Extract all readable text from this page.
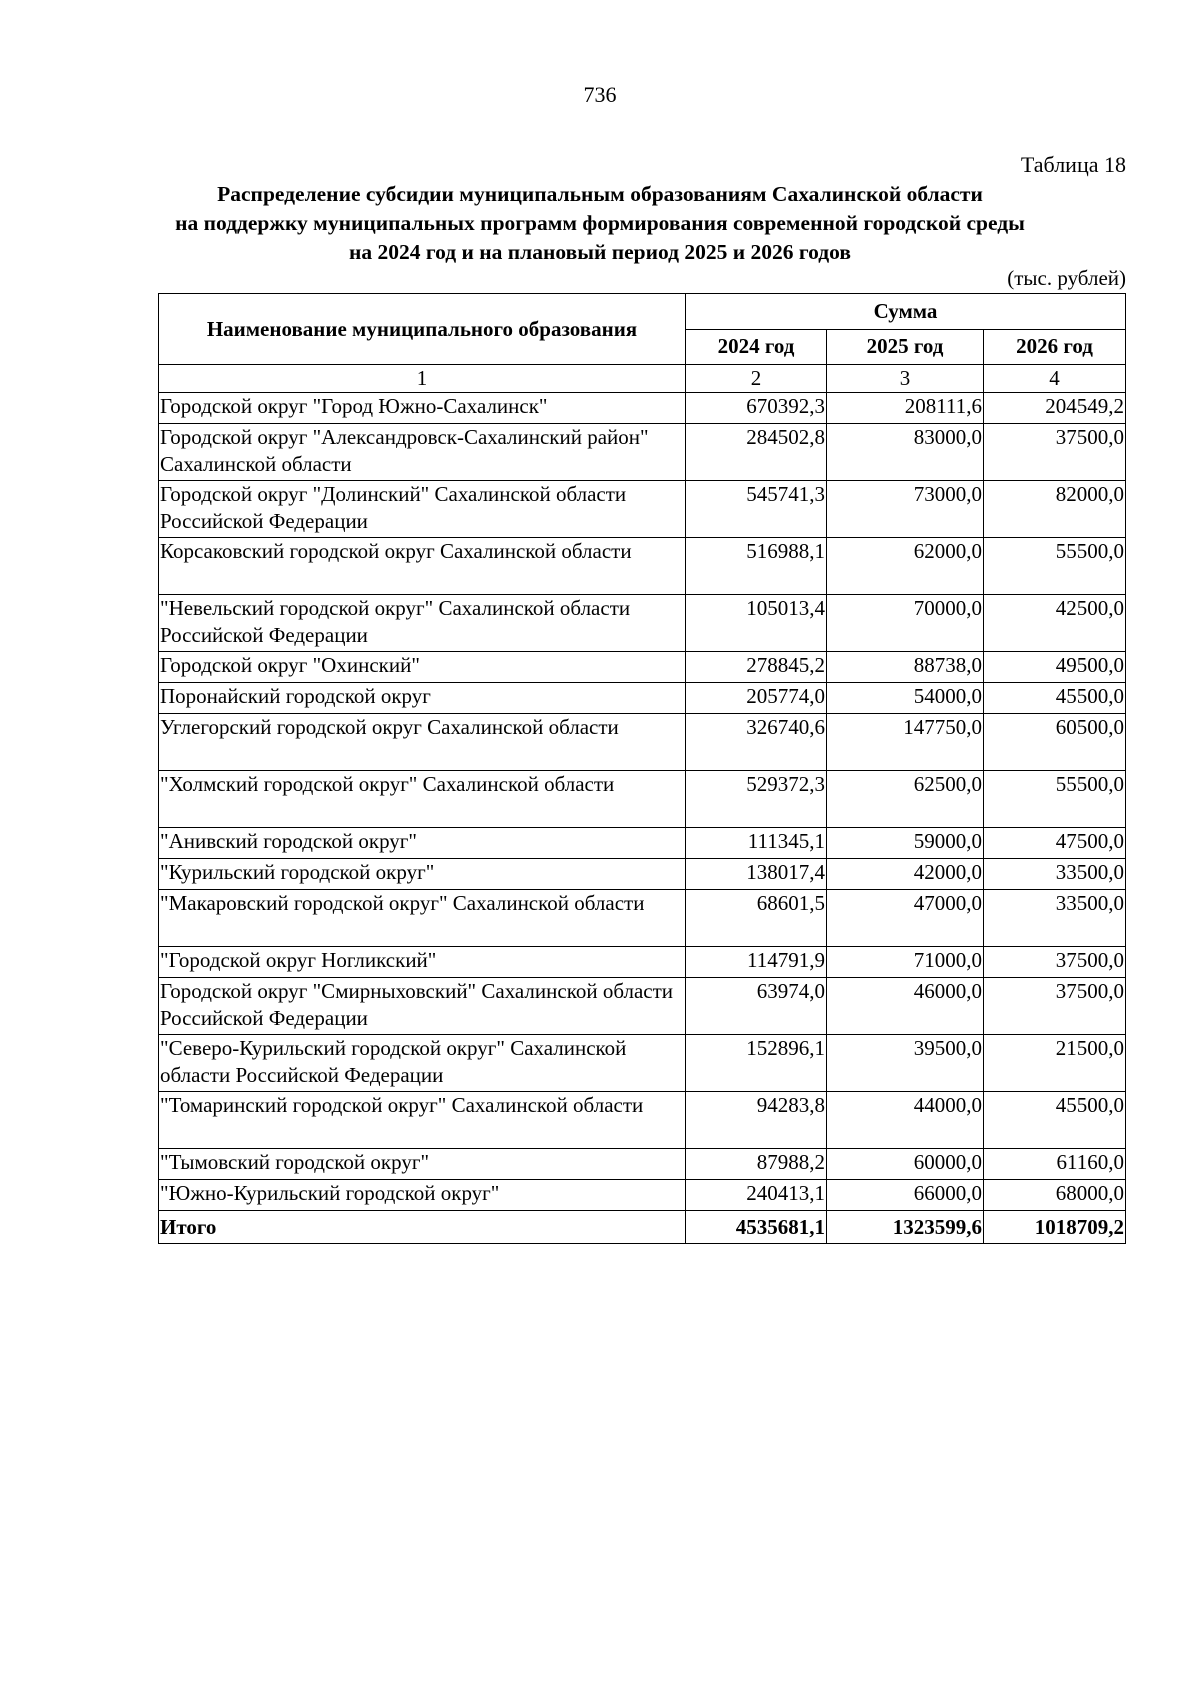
736
Таблица 18
Распределение субсидии муниципальным образованиям Сахалинской области
на поддержку муниципальных программ формирования современной городской среды
на 2024 год и на плановый период 2025 и 2026 годов
(тыс. рублей)
Наименование муниципального образования	Сумма		
	2024 год	2025 год	2026 год
1	2	3	4
Городской округ "Город Южно-Сахалинск"	670392,3	208111,6	204549,2
Городской округ "Александровск-Сахалинский район" Сахалинской области	284502,8	83000,0	37500,0
Городской округ "Долинский" Сахалинской области Российской Федерации	545741,3	73000,0	82000,0
Корсаковский городской округ Сахалинской области	516988,1	62000,0	55500,0
"Невельский городской округ" Сахалинской области Российской Федерации	105013,4	70000,0	42500,0
Городской округ "Охинский"	278845,2	88738,0	49500,0
Поронайский городской округ	205774,0	54000,0	45500,0
Углегорский городской округ Сахалинской области	326740,6	147750,0	60500,0
"Холмский городской округ" Сахалинской области	529372,3	62500,0	55500,0
"Анивский городской округ"	111345,1	59000,0	47500,0
"Курильский городской округ"	138017,4	42000,0	33500,0
"Макаровский городской округ" Сахалинской области	68601,5	47000,0	33500,0
"Городской округ Ногликский"	114791,9	71000,0	37500,0
Городской округ "Смирныховский" Сахалинской области Российской Федерации	63974,0	46000,0	37500,0
"Северо-Курильский городской округ" Сахалинской области Российской Федерации	152896,1	39500,0	21500,0
"Томаринский городской округ" Сахалинской области	94283,8	44000,0	45500,0
"Тымовский городской округ"	87988,2	60000,0	61160,0
"Южно-Курильский городской округ"	240413,1	66000,0	68000,0
Итого	4535681,1	1323599,6	1018709,2
